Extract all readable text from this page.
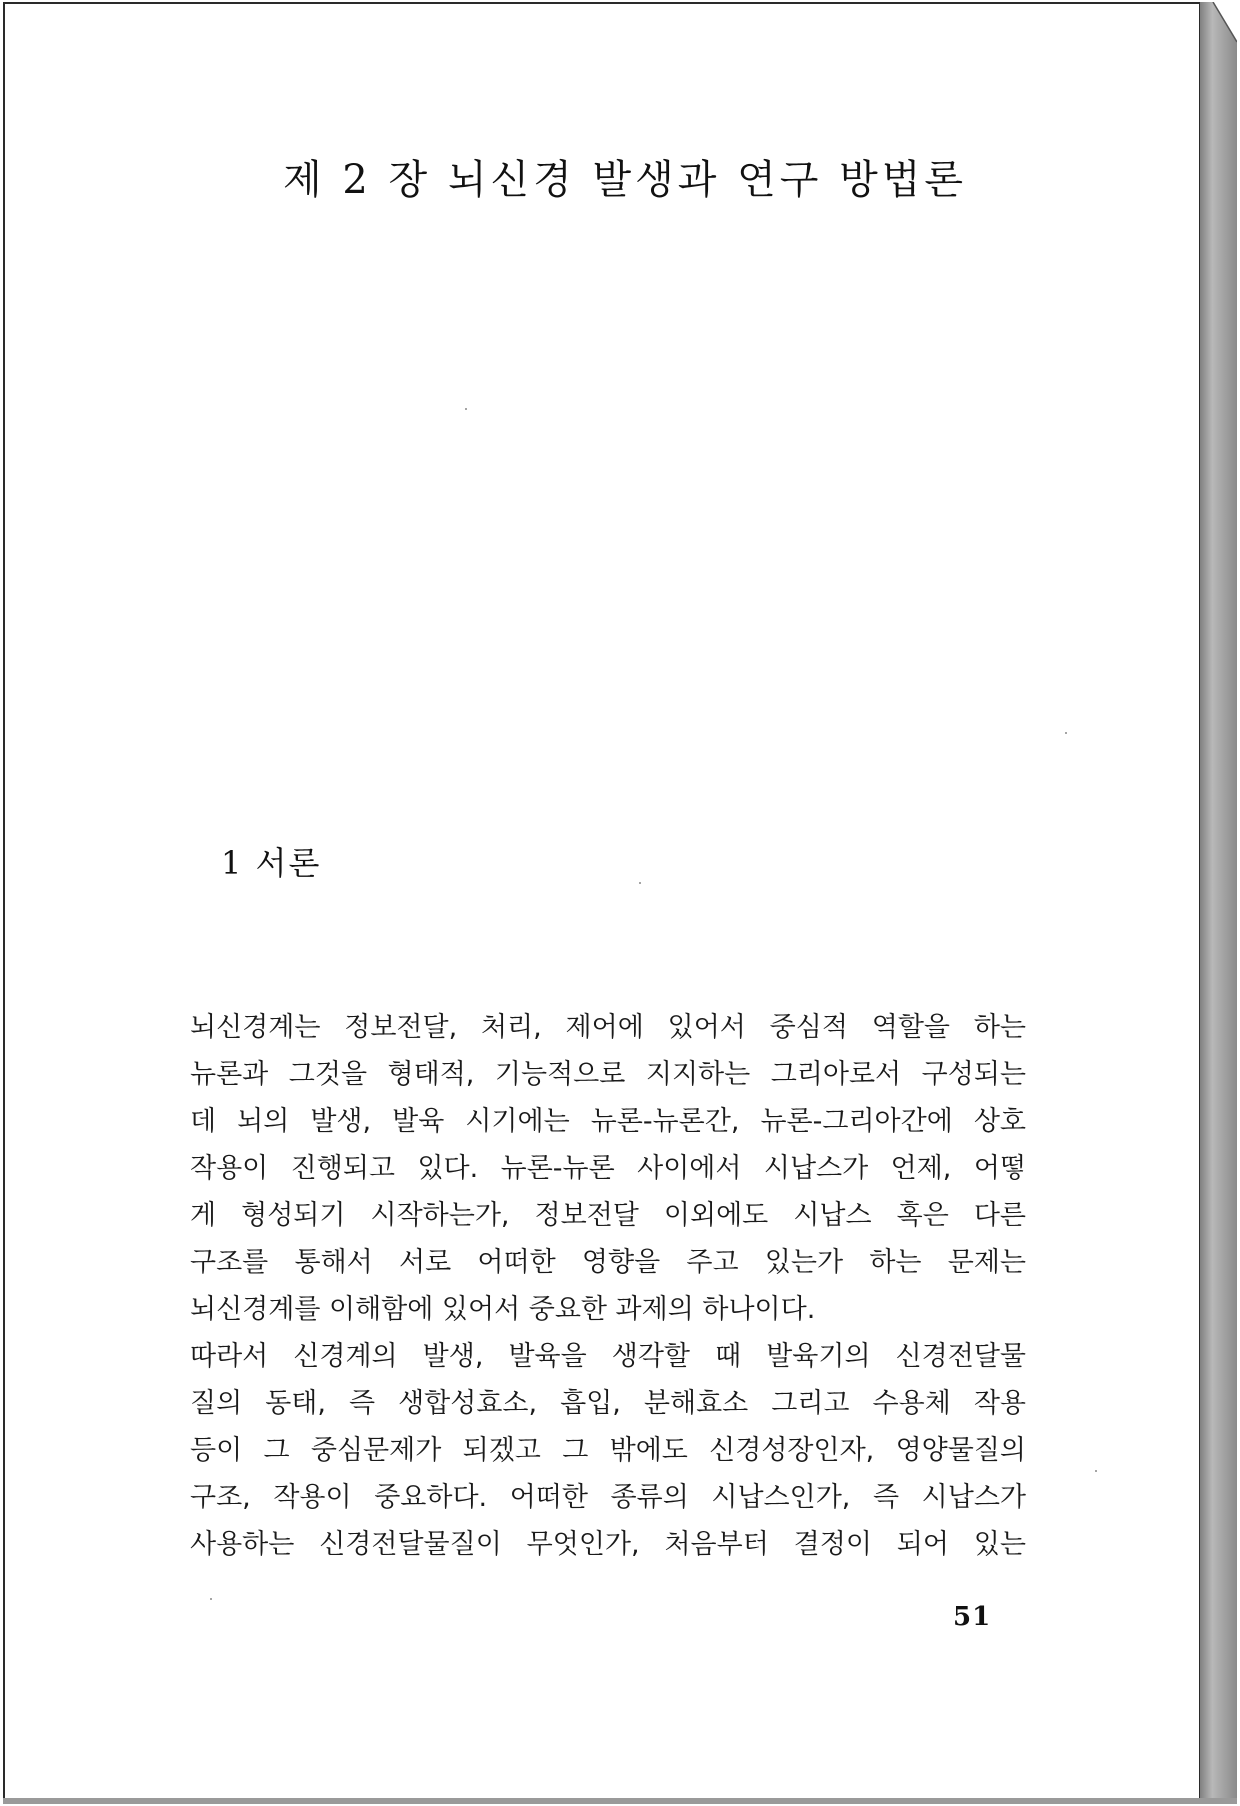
제 2 장 뇌신경 발생과 연구 방법론
1 서론
뇌신경계는 정보전달, 처리, 제어에 있어서 중심적 역할을 하는
뉴론과 그것을 형태적, 기능적으로 지지하는 그리아로서 구성되는
데 뇌의 발생, 발육 시기에는 뉴론-뉴론간, 뉴론-그리아간에 상호
작용이 진행되고 있다. 뉴론-뉴론 사이에서 시납스가 언제, 어떻
게 형성되기 시작하는가, 정보전달 이외에도 시납스 혹은 다른
구조를 통해서 서로 어떠한 영향을 주고 있는가 하는 문제는
뇌신경계를 이해함에 있어서 중요한 과제의 하나이다.
따라서 신경계의 발생, 발육을 생각할 때 발육기의 신경전달물
질의 동태, 즉 생합성효소, 흡입, 분해효소 그리고 수용체 작용
등이 그 중심문제가 되겠고 그 밖에도 신경성장인자, 영양물질의
구조, 작용이 중요하다. 어떠한 종류의 시납스인가, 즉 시납스가
사용하는 신경전달물질이 무엇인가, 처음부터 결정이 되어 있는
51
